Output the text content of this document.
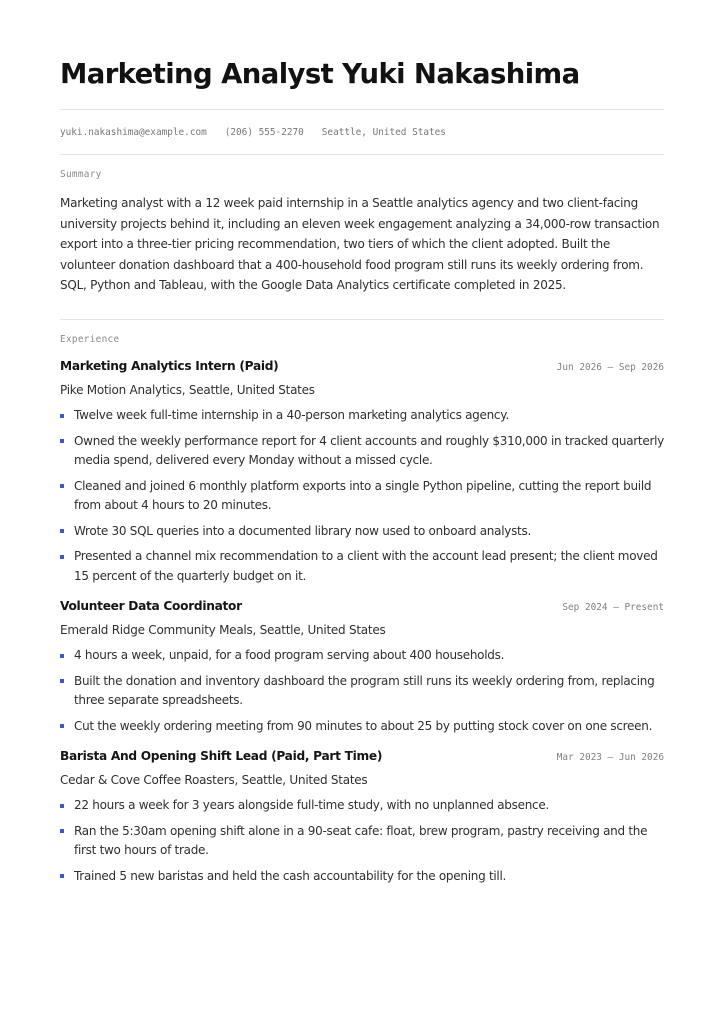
Marketing Analyst Yuki Nakashima
yuki.nakashima@example.com (206) 555-2270 Seattle, United States
Summary

Marketing analyst with a 12 week paid internship in a Seattle analytics agency and two client-facing university projects behind it, including an eleven week engagement analyzing a 34,000-row transaction export into a three-tier pricing recommendation, two tiers of which the client adopted. Built the volunteer donation dashboard that a 400-household food program still runs its weekly ordering from. SQL, Python and Tableau, with the Google Data Analytics certificate completed in 2025.

Experience
Marketing Analytics Intern (Paid)	Jun 2026 — Sep 2026
Pike Motion Analytics, Seattle, United States
Twelve week full-time internship in a 40-person marketing analytics agency.
Owned the weekly performance report for 4 client accounts and roughly $310,000 in tracked quarterly media spend, delivered every Monday without a missed cycle.
Cleaned and joined 6 monthly platform exports into a single Python pipeline, cutting the report build from about 4 hours to 20 minutes.
Wrote 30 SQL queries into a documented library now used to onboard analysts.
Presented a channel mix recommendation to a client with the account lead present; the client moved 15 percent of the quarterly budget on it.
Volunteer Data Coordinator	Sep 2024 — Present
Emerald Ridge Community Meals, Seattle, United States
4 hours a week, unpaid, for a food program serving about 400 households.
Built the donation and inventory dashboard the program still runs its weekly ordering from, replacing three separate spreadsheets.
Cut the weekly ordering meeting from 90 minutes to about 25 by putting stock cover on one screen.
Barista And Opening Shift Lead (Paid, Part Time)	Mar 2023 — Jun 2026
Cedar & Cove Coffee Roasters, Seattle, United States
22 hours a week for 3 years alongside full-time study, with no unplanned absence.
Ran the 5:30am opening shift alone in a 90-seat cafe: float, brew program, pastry receiving and the first two hours of trade.
Trained 5 new baristas and held the cash accountability for the opening till.
